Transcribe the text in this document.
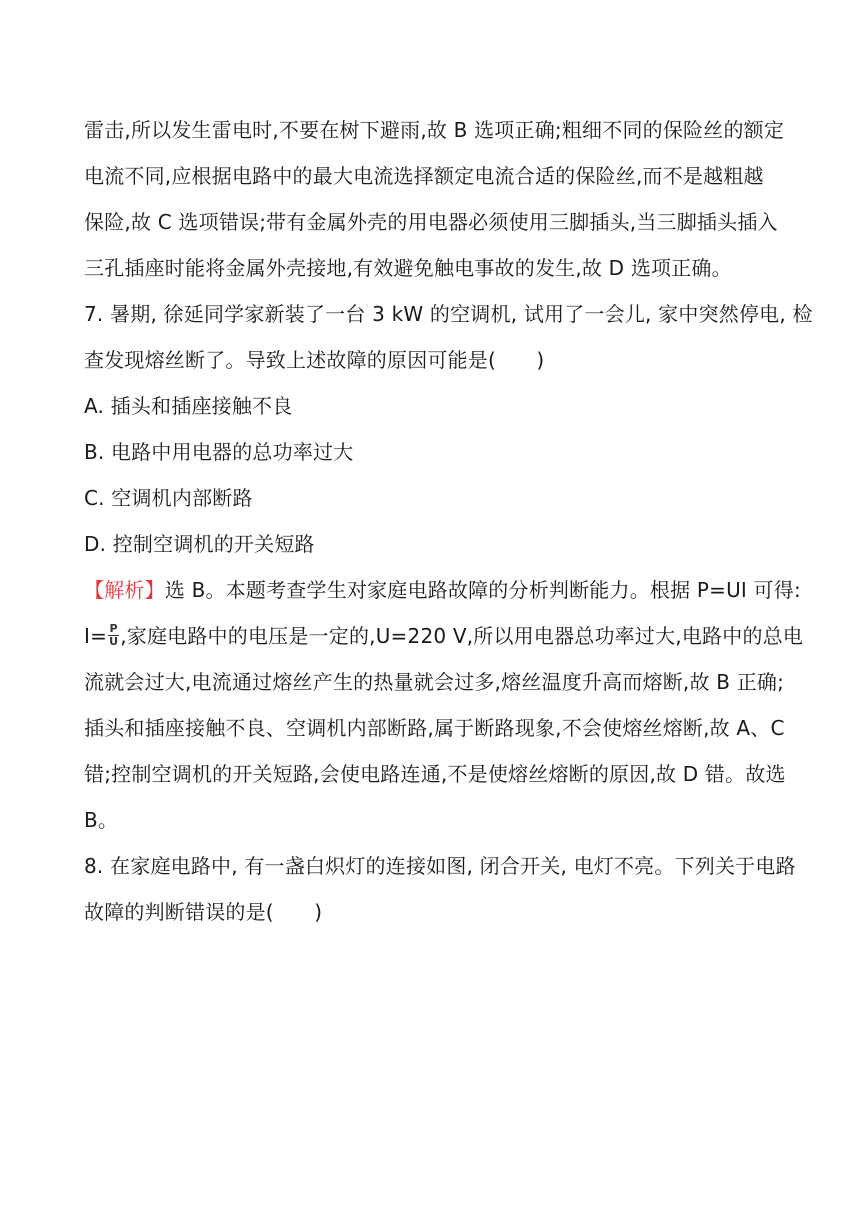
雷击,所以发生雷电时,不要在树下避雨,故 B 选项正确;粗细不同的保险丝的额定
电流不同,应根据电路中的最大电流选择额定电流合适的保险丝,而不是越粗越
保险,故 C 选项错误;带有金属外壳的用电器必须使用三脚插头,当三脚插头插入
三孔插座时能将金属外壳接地,有效避免触电事故的发生,故 D 选项正确。
7. 暑期, 徐延同学家新装了一台 3 kW 的空调机, 试用了一会儿, 家中突然停电, 检
查发现熔丝断了。导致上述故障的原因可能是(　　)
A. 插头和插座接触不良
B. 电路中用电器的总功率过大
C. 空调机内部断路
D. 控制空调机的开关短路
【解析】选 B。本题考查学生对家庭电路故障的分析判断能力。根据 P=UI 可得:
$I= \frac{P}{U}$ ,家庭电路中的电压是一定的,U=220 V,所以用电器总功率过大,电路中的总电
流就会过大,电流通过熔丝产生的热量就会过多,熔丝温度升高而熔断,故 B 正确;
插头和插座接触不良、空调机内部断路,属于断路现象,不会使熔丝熔断,故 A、C
错;控制空调机的开关短路,会使电路连通,不是使熔丝熔断的原因,故 D 错。故选
B。
8. 在家庭电路中, 有一盏白炽灯的连接如图, 闭合开关, 电灯不亮。下列关于电路
故障的判断错误的是(　　)
